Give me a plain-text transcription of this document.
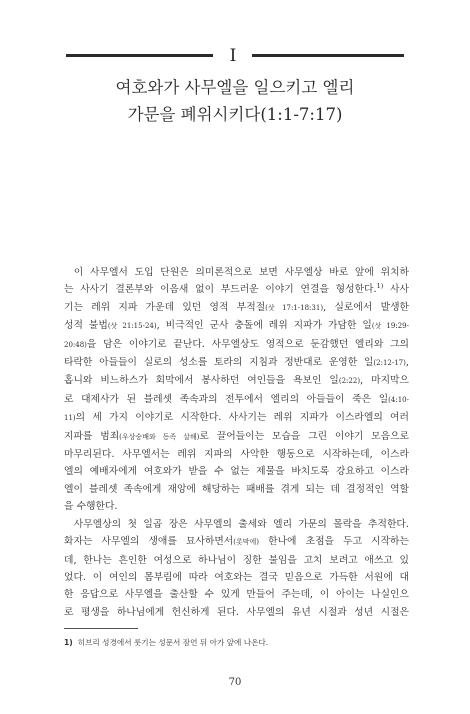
I
여호와가 사무엘을 일으키고 엘리
가문을 폐위시키다(1:1-7:17)

 이 사무엘서 도입 단원은 의미론적으로 보면 사무엘상 바로 앞에 위치하
는 사사기 결론부와 이음새 없이 부드러운 이야기 연결을 형성한다.$^{1)}$ 사사
기는 레위 지파 가운데 있던 영적 부적절(삿 17:1-18:31), 실로에서 발생한
성적 불법(삿 21:15-24), 비극적인 군사 충돌에 레위 지파가 가담한 일(삿 19:29-
20:48)을 담은 이야기로 끝난다. 사무엘상도 영적으로 둔감했던 엘리와 그의
타락한 아들들이 실로의 성소를 토라의 지침과 정반대로 운영한 일(2:12-17),
홉니와 비느하스가 회막에서 봉사하던 여인들을 욕보인 일(2:22), 마지막으
로 대제사가 된 블레셋 족속과의 전투에서 엘리의 아들들이 죽은 일(4:10-
11)의 세 가지 이야기로 시작한다. 사사기는 레위 지파가 이스라엘의 여러
지파를 범죄(우상숭배와 동족 살해)로 끌어들이는 모습을 그린 이야기 모음으로
마무리된다. 사무엘서는 레위 지파의 사악한 행동으로 시작하는데, 이스라
엘의 예배자에게 여호와가 받을 수 없는 제물을 바치도록 강요하고 이스라
엘이 블레셋 족속에게 재앙에 해당하는 패배를 겪게 되는 데 결정적인 역할
을 수행한다.

 사무엘상의 첫 일곱 장은 사무엘의 출세와 엘리 가문의 몰락을 추적한다.
화자는 사무엘의 생애를 묘사하면서(롯막에) 한나에 초점을 두고 시작하는
데, 한나는 흔인한 여성으로 하나님이 징한 불임을 고치 보려고 애쓰고 있
었다. 이 여인의 몸부림에 따라 여호와는 결국 믿음으로 가득한 서원에 대
한 응답으로 사무엘을 출산할 수 있게 만들어 주는데, 이 아이는 나실인으
로 평생을 하나님에게 헌신하게 된다. 사무엘의 유년 시절과 성년 시절은

1) 히브리 성경에서 룻기는 성문서 잠언 뒤 아가 앞에 나온다.
70
